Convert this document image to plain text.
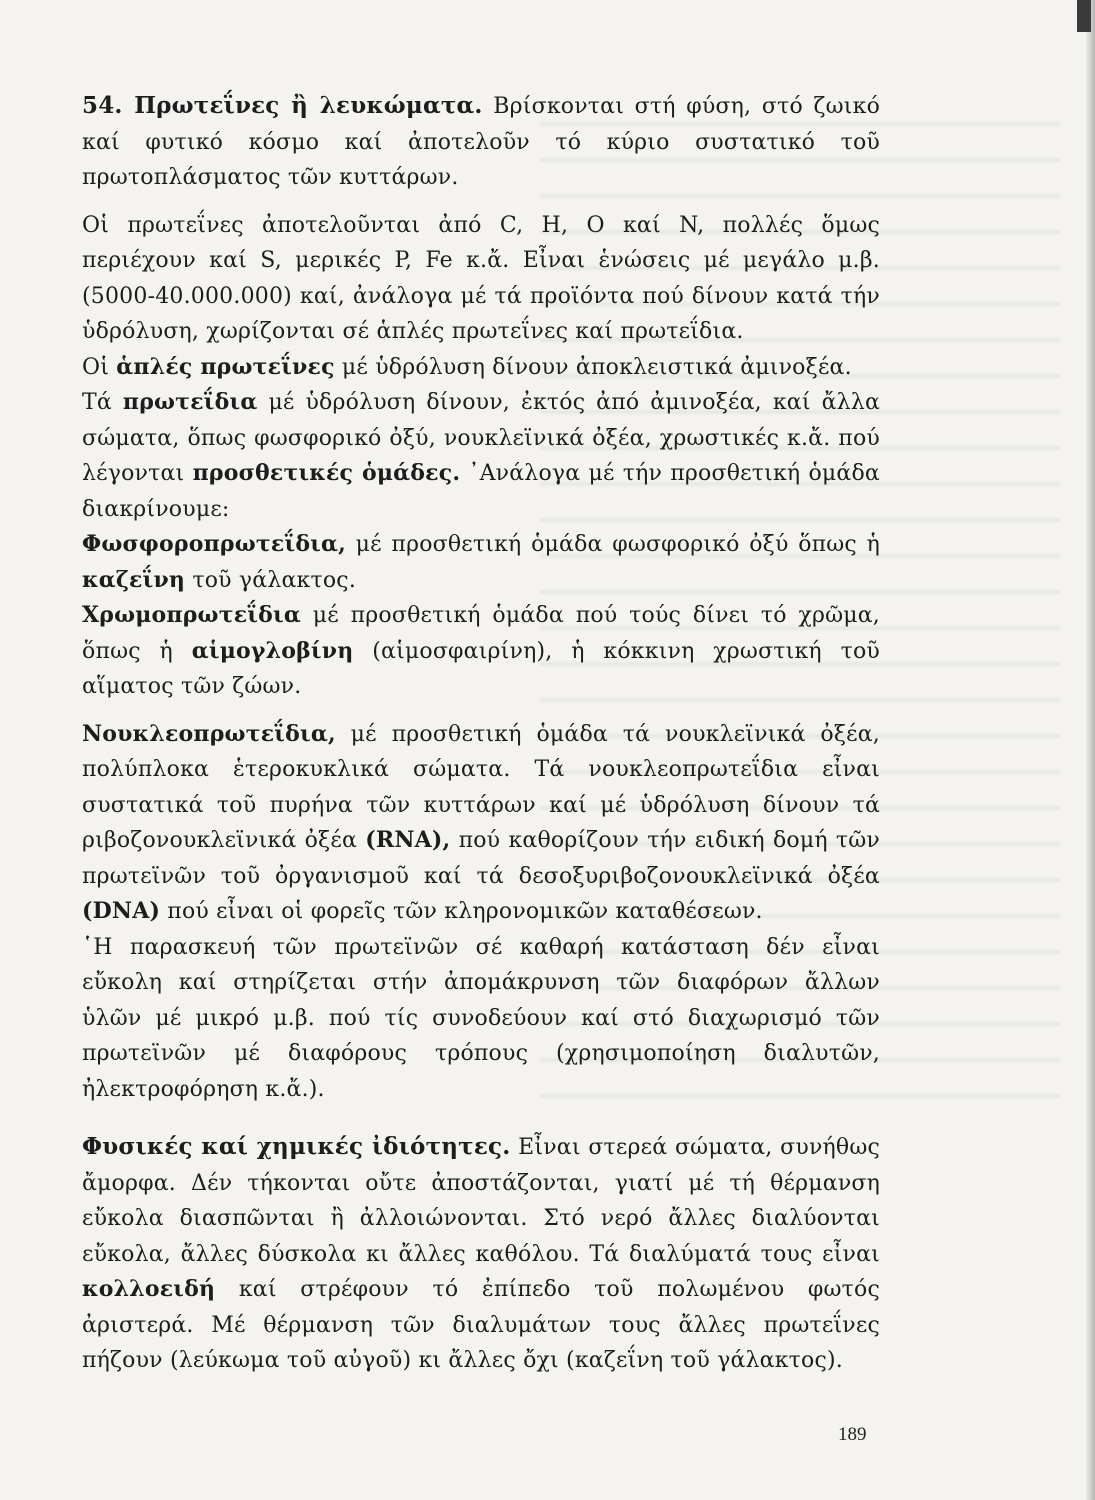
54. Πρωτεΐνες ἢ λευκώματα. Βρίσκονται στή φύση, στό ζωικό καί φυτικό κόσμο καί ἀποτελοῦν τό κύριο συστατικό τοῦ πρωτοπλάσματος τῶν κυττάρων.

Οἱ πρωτεΐνες ἀποτελοῦνται ἀπό C, H, O καί N, πολλές ὅμως περιέχουν καί S, μερικές P, Fe κ.ἄ. Εἶναι ἑνώσεις μέ μεγάλο μ.β. (5000-40.000.000) καί, ἀνάλογα μέ τά προϊόντα πού δίνουν κατά τήν ὑδρόλυση, χωρίζονται σέ ἁπλές πρωτεΐνες καί πρωτεΐδια.

Οἱ ἁπλές πρωτεΐνες μέ ὑδρόλυση δίνουν ἀποκλειστικά ἀμινοξέα.

Τά πρωτεΐδια μέ ὑδρόλυση δίνουν, ἐκτός ἀπό ἀμινοξέα, καί ἄλλα σώματα, ὅπως φωσφορικό ὀξύ, νουκλεϊνικά ὀξέα, χρωστικές κ.ἄ. πού λέγονται προσθετικές ὁμάδες. ᾿Ανάλογα μέ τήν προσθετική ὁμάδα διακρίνουμε:

Φωσφοροπρωτεΐδια, μέ προσθετική ὁμάδα φωσφορικό ὀξύ ὅπως ἡ καζεΐνη τοῦ γάλακτος.

Χρωμοπρωτεΐδια μέ προσθετική ὁμάδα πού τούς δίνει τό χρῶμα, ὅπως ἡ αἱμογλοβίνη (αἱμοσφαιρίνη), ἡ κόκκινη χρωστική τοῦ αἵματος τῶν ζώων.

Νουκλεοπρωτεΐδια, μέ προσθετική ὁμάδα τά νουκλεϊνικά ὀξέα, πολύπλοκα ἑτεροκυκλικά σώματα. Τά νουκλεοπρωτεΐδια εἶναι συστατικά τοῦ πυρήνα τῶν κυττάρων καί μέ ὑδρόλυση δίνουν τά ριβοζονουκλεϊνικά ὀξέα (RNA), πού καθορίζουν τήν ειδική δομή τῶν πρωτεϊνῶν τοῦ ὀργανισμοῦ καί τά δεσοξυριβοζονουκλεϊνικά ὀξέα (DNA) πού εἶναι οἱ φορεῖς τῶν κληρονομικῶν καταθέσεων.

῾Η παρασκευή τῶν πρωτεϊνῶν σέ καθαρή κατάσταση δέν εἶναι εὔκολη καί στηρίζεται στήν ἀπομάκρυνση τῶν διαφόρων ἄλλων ὑλῶν μέ μικρό μ.β. πού τίς συνοδεύουν καί στό διαχωρισμό τῶν πρωτεϊνῶν μέ διαφόρους τρόπους (χρησιμοποίηση διαλυτῶν, ἠλεκτροφόρηση κ.ἄ.).

Φυσικές καί χημικές ἰδιότητες. Εἶναι στερεά σώματα, συνήθως ἄμορφα. Δέν τήκονται οὔτε ἀποστάζονται, γιατί μέ τή θέρμανση εὔκολα διασπῶνται ἢ ἀλλοιώνονται. Στό νερό ἄλλες διαλύονται εὔκολα, ἄλλες δύσκολα κι ἄλλες καθόλου. Τά διαλύματά τους εἶναι κολλοειδή καί στρέφουν τό ἐπίπεδο τοῦ πολωμένου φωτός ἀριστερά. Μέ θέρμανση τῶν διαλυμάτων τους ἄλλες πρωτεΐνες πήζουν (λεύκωμα τοῦ αὐγοῦ) κι ἄλλες ὄχι (καζεΐνη τοῦ γάλακτος).

189
